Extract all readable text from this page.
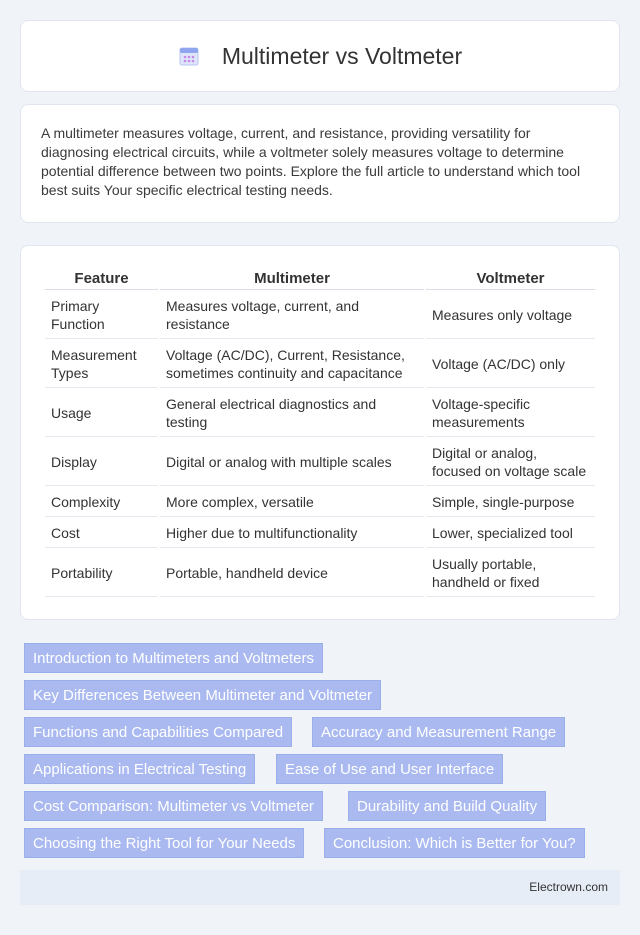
Multimeter vs Voltmeter

A multimeter measures voltage, current, and resistance, providing versatility for diagnosing electrical circuits, while a voltmeter solely measures voltage to determine potential difference between two points. Explore the full article to understand which tool best suits Your specific electrical testing needs.

Feature	Multimeter	Voltmeter
Primary Function	Measures voltage, current, and resistance	Measures only voltage
Measurement Types	Voltage (AC/DC), Current, Resistance, sometimes continuity and capacitance	Voltage (AC/DC) only
Usage	General electrical diagnostics and testing	Voltage-specific measurements
Display	Digital or analog with multiple scales	Digital or analog, focused on voltage scale
Complexity	More complex, versatile	Simple, single-purpose
Cost	Higher due to multifunctionality	Lower, specialized tool
Portability	Portable, handheld device	Usually portable, handheld or fixed
Introduction to Multimeters and Voltmeters
Key Differences Between Multimeter and Voltmeter
Functions and Capabilities Compared	Accuracy and Measurement Range
Applications in Electrical Testing	Ease of Use and User Interface
Cost Comparison: Multimeter vs Voltmeter	Durability and Build Quality
Choosing the Right Tool for Your Needs	Conclusion: Which is Better for You?
Electrown.com
